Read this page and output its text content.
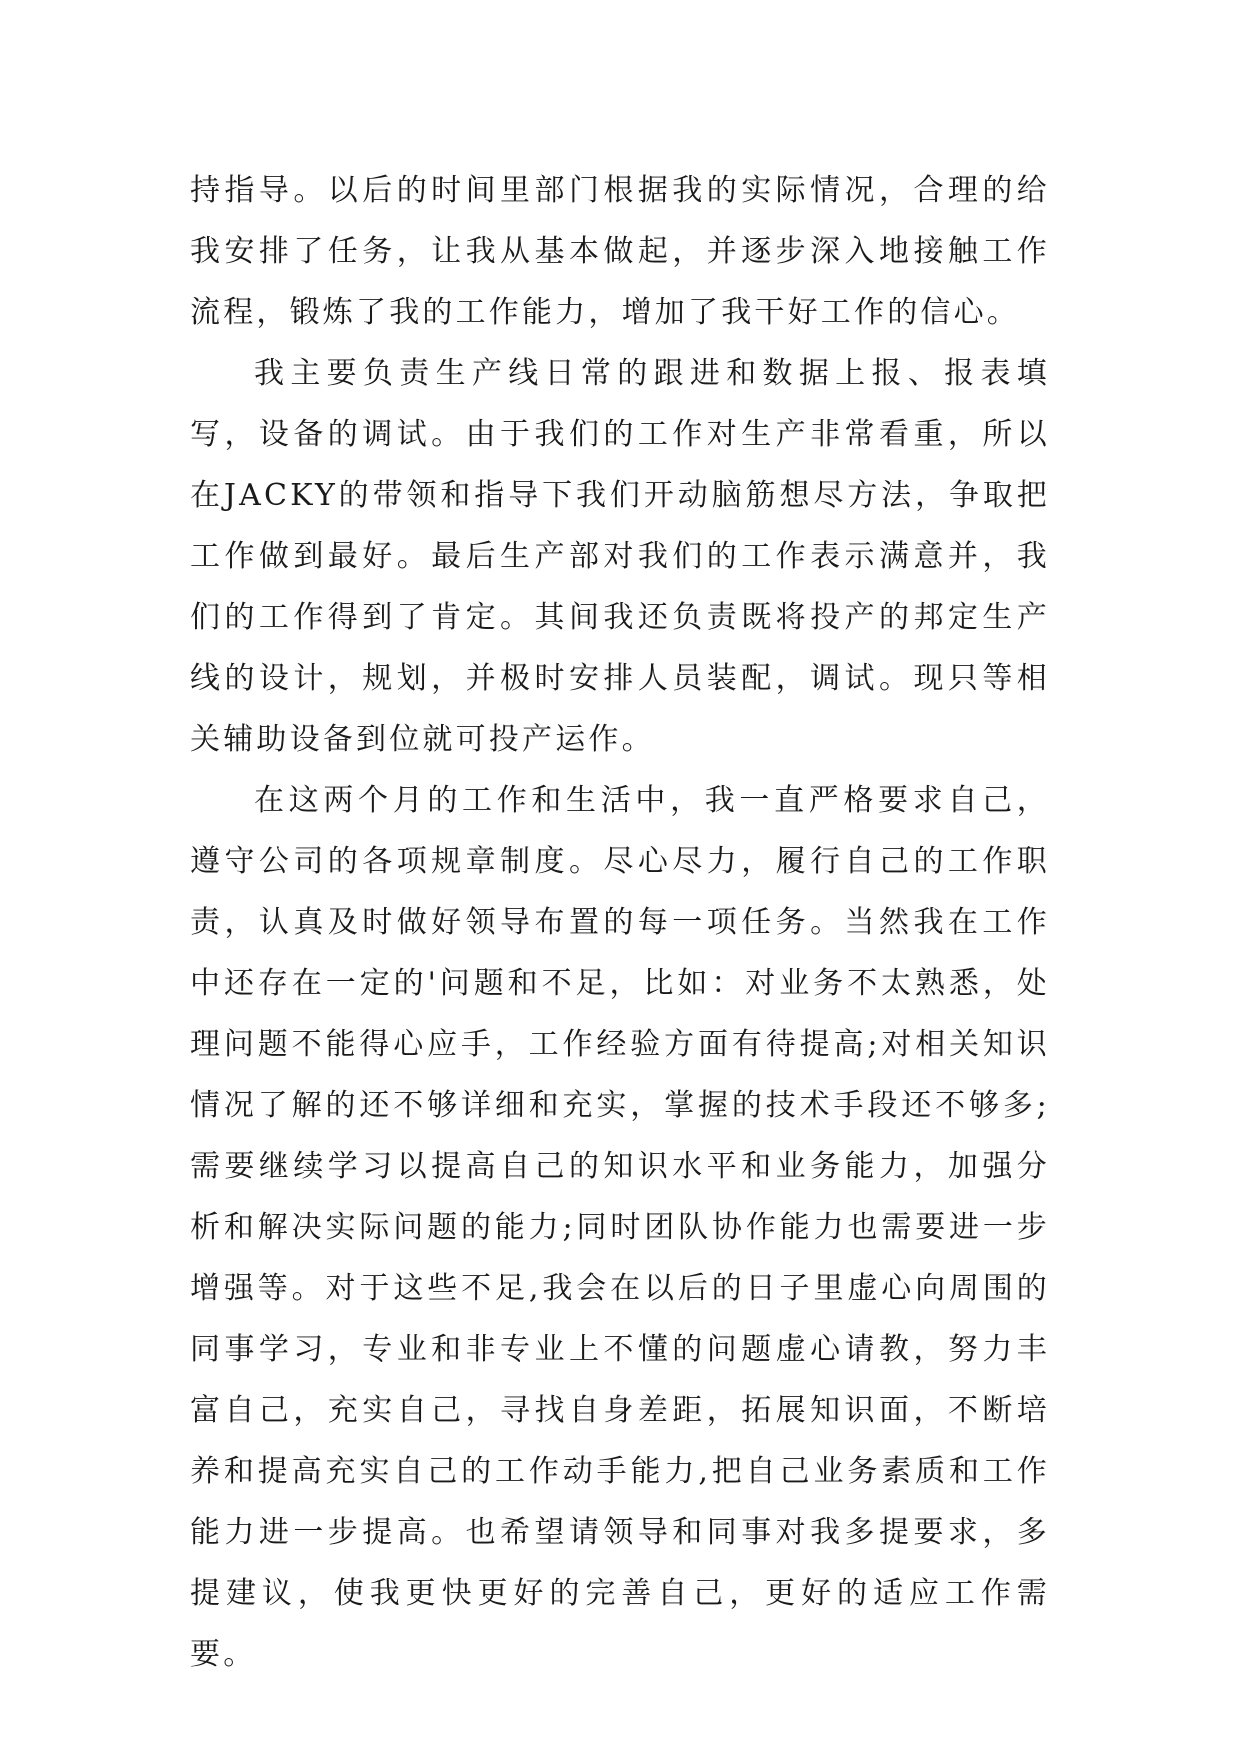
持指导。以后的时间里部门根据我的实际情况，合理的给我安排了任务，让我从基本做起，并逐步深入地接触工作流程，锻炼了我的工作能力，增加了我干好工作的信心。

我主要负责生产线日常的跟进和数据上报、报表填写，设备的调试。由于我们的工作对生产非常看重，所以在JACKY的带领和指导下我们开动脑筋想尽方法，争取把工作做到最好。最后生产部对我们的工作表示满意并，我们的工作得到了肯定。其间我还负责既将投产的邦定生产线的设计，规划，并极时安排人员装配，调试。现只等相关辅助设备到位就可投产运作。

在这两个月的工作和生活中，我一直严格要求自己，遵守公司的各项规章制度。尽心尽力，履行自己的工作职责，认真及时做好领导布置的每一项任务。当然我在工作中还存在一定的'问题和不足，比如：对业务不太熟悉，处理问题不能得心应手，工作经验方面有待提高;对相关知识情况了解的还不够详细和充实，掌握的技术手段还不够多;需要继续学习以提高自己的知识水平和业务能力，加强分析和解决实际问题的能力;同时团队协作能力也需要进一步增强等。对于这些不足,我会在以后的日子里虚心向周围的同事学习，专业和非专业上不懂的问题虚心请教，努力丰富自己，充实自己，寻找自身差距，拓展知识面，不断培养和提高充实自己的工作动手能力,把自己业务素质和工作能力进一步提高。也希望请领导和同事对我多提要求，多提建议，使我更快更好的完善自己，更好的适应工作需要。
